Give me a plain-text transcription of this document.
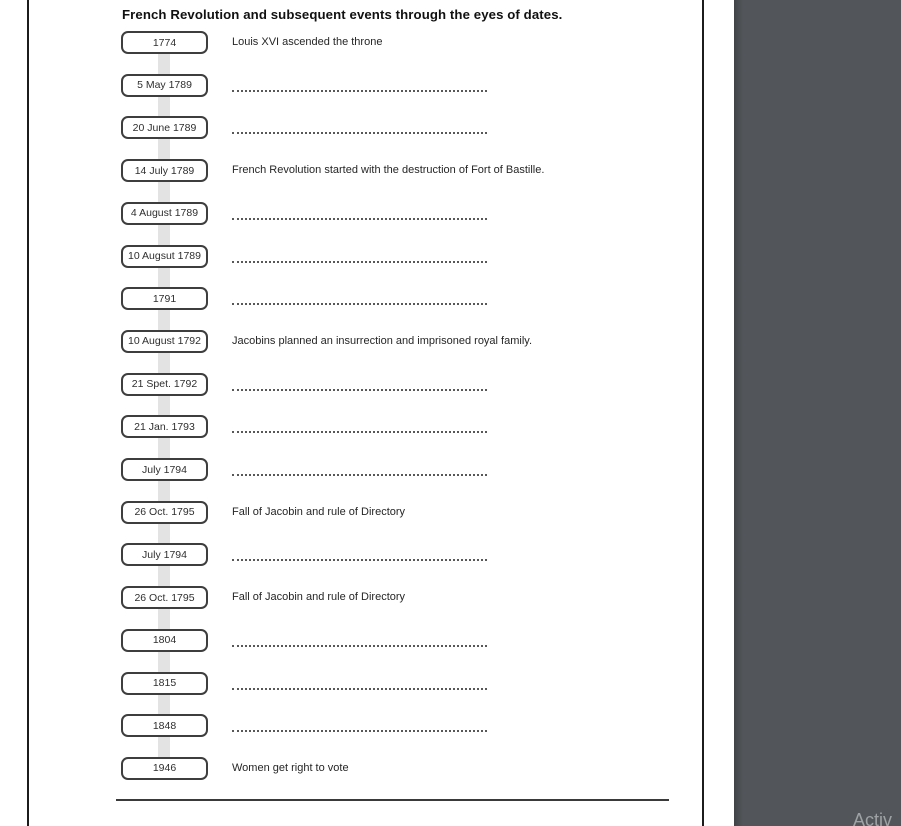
French Revolution and subsequent events through the eyes of dates.
1774	Louis XVI ascended the throne
5 May 1789
20 June 1789
14 July 1789	French Revolution started with the destruction of Fort of Bastille.
4 August 1789
10 Augsut 1789
1791
10 August 1792	Jacobins planned an insurrection and imprisoned royal family.
21 Spet. 1792
21 Jan. 1793
July 1794
26 Oct. 1795	Fall of Jacobin and rule of Directory
July 1794
26 Oct. 1795	Fall of Jacobin and rule of Directory
1804
1815
1848
1946	Women get right to vote
Activ
